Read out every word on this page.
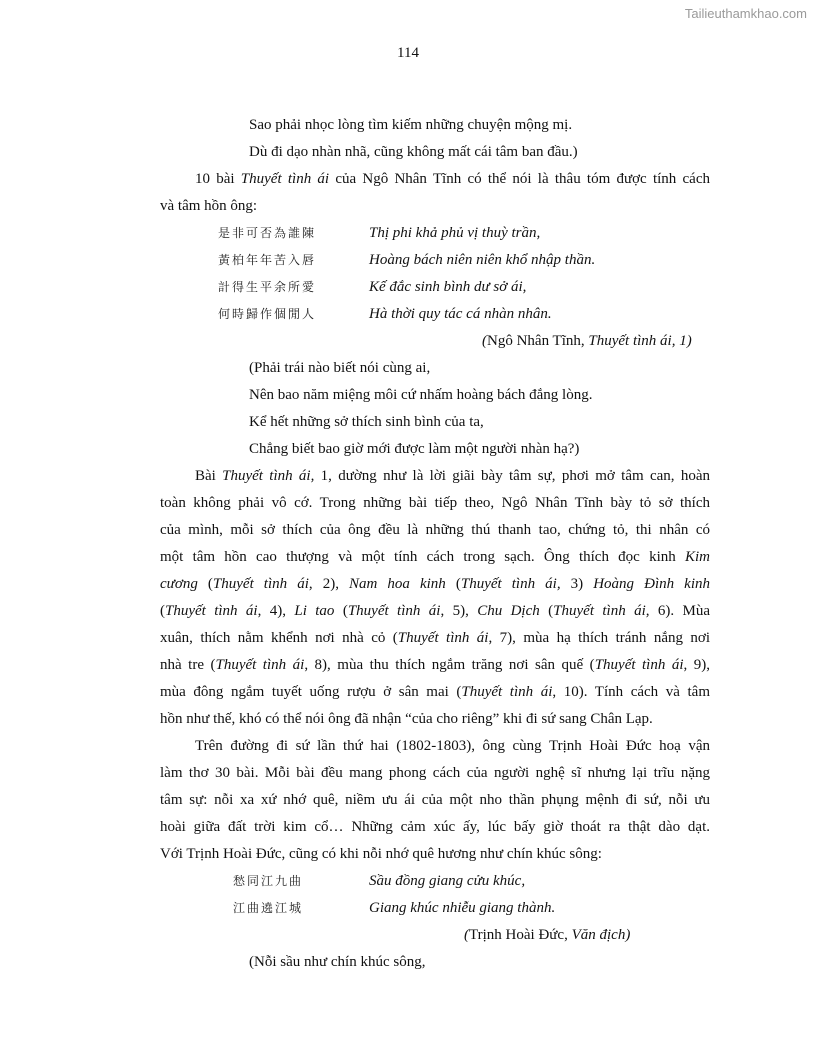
Tailieuthamkhao.com
114
Sao phải nhọc lòng tìm kiếm những chuyện mộng mị.
Dù đi dạo nhàn nhã, cũng không mất cái tâm ban đầu.)
10 bài Thuyết tình ái của Ngô Nhân Tĩnh có thể nói là thâu tóm được tính cách
và tâm hồn ông:
是非可否為誰陳	Thị phi khả phủ vị thuỳ trần,
黃柏年年苦入唇	Hoàng bách niên niên khổ nhập thần.
計得生平余所愛	Kế đắc sinh bình dư sở ái,
何時歸作個閒人	Hà thời quy tác cá nhàn nhân.
(Ngô Nhân Tĩnh, Thuyết tình ái, 1)
(Phải trái nào biết nói cùng ai,
Nên bao năm miệng môi cứ nhấm hoàng bách đắng lòng.
Kể hết những sở thích sinh bình của ta,
Chẳng biết bao giờ mới được làm một người nhàn hạ?)
Bài Thuyết tình ái, 1, dường như là lời giãi bày tâm sự, phơi mở tâm can, hoàn
toàn không phải vô cớ. Trong những bài tiếp theo, Ngô Nhân Tĩnh bày tỏ sở thích
của mình, mỗi sở thích của ông đều là những thú thanh tao, chứng tỏ, thi nhân có
một tâm hồn cao thượng và một tính cách trong sạch. Ông thích đọc kinh Kim
cương (Thuyết tình ái, 2), Nam hoa kinh (Thuyết tình ái, 3) Hoàng Đình kinh
(Thuyết tình ái, 4), Li tao (Thuyết tình ái, 5), Chu Dịch (Thuyết tình ái, 6). Mùa
xuân, thích nằm khểnh nơi nhà cỏ (Thuyết tình ái, 7), mùa hạ thích tránh nắng nơi
nhà tre (Thuyết tình ái, 8), mùa thu thích ngắm trăng nơi sân quế (Thuyết tình ái, 9),
mùa đông ngắm tuyết uống rượu ở sân mai (Thuyết tình ái, 10). Tính cách và tâm
hồn như thế, khó có thể nói ông đã nhận “của cho riêng” khi đi sứ sang Chân Lạp.
Trên đường đi sứ lần thứ hai (1802-1803), ông cùng Trịnh Hoài Đức hoạ vận
làm thơ 30 bài. Mỗi bài đều mang phong cách của người nghệ sĩ nhưng lại trĩu nặng
tâm sự: nỗi xa xứ nhớ quê, niềm ưu ái của một nho thần phụng mệnh đi sứ, nỗi ưu
hoài giữa đất trời kim cổ… Những cảm xúc ấy, lúc bấy giờ thoát ra thật dào dạt.
Với Trịnh Hoài Đức, cũng có khi nỗi nhớ quê hương như chín khúc sông:
愁同江九曲	Sầu đồng giang cửu khúc,
江曲遶江城	Giang khúc nhiễu giang thành.
(Trịnh Hoài Đức, Văn địch)
(Nỗi sầu như chín khúc sông,
